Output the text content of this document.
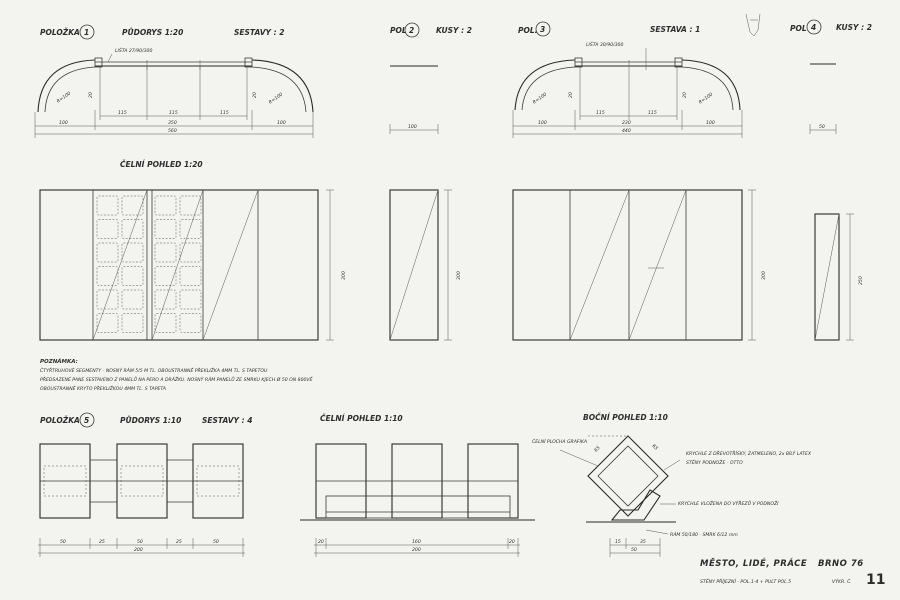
POLOŽKA 1	PŮDORYS 1:20	SESTAVY : 2	POL 2	KUSY : 2	POL. 3	SESTAVA : 1	POL 4	KUSY : 2
LIŠTA 27/90/300
R=100	R=100
20	20
115	115	115
100	350	100
560
100
LIŠTA 30/90/300
R=100	R=100
20	20
115	115
100	230	100
440
50
ČELNÍ POHLED 1:20
300	300	300
250
POZNÁMKA:
ČTYŘTRUHOVÉ SEGMENTY - NOSNÝ RÁM 5/5 M TL. OBOUSTRANNĚ PŘEKLIŽKA 4MM TL. S TAPETOU
PŘEDSAZENÉ PANE SESTAVENO Z PANELŮ NA PERO A DRÁŽKU. NOSNÝ RÁM PANELŮ ZE SMRKU KJECH Ø 50 ON 800VĚ
OBOUSTRANNĚ KRYTO PŘEKLIŽKOU 4MM TL. S TAPETA
POLOŽKA 5	PŮDORYS 1:10	SESTAVY : 4	ČELNÍ POHLED 1:10	BOČNÍ POHLED 1:10
50	25	50	25	50
200
20	160	20
200
65	65
15	35
50
ČELNÍ PLOCHA GRAFIKA
KRYCHLE Z DŘEVOTŘÍSKY, ZATMELENO, 2x BÍLÝ LATEX
STĚNY PODNOŽE - OTTO
KRYCHLE VLOŽENA DO VÝŘEZŮ V PODNOŽI
RÁM 50/180 - SMRK 6/12 mm
MĚSTO, LIDÉ, PRÁCE BRNO 76
STĚNY PŘÍJEZNÍ - POL.1-4 + PULT POL.5	VÝKR. Č. 11
